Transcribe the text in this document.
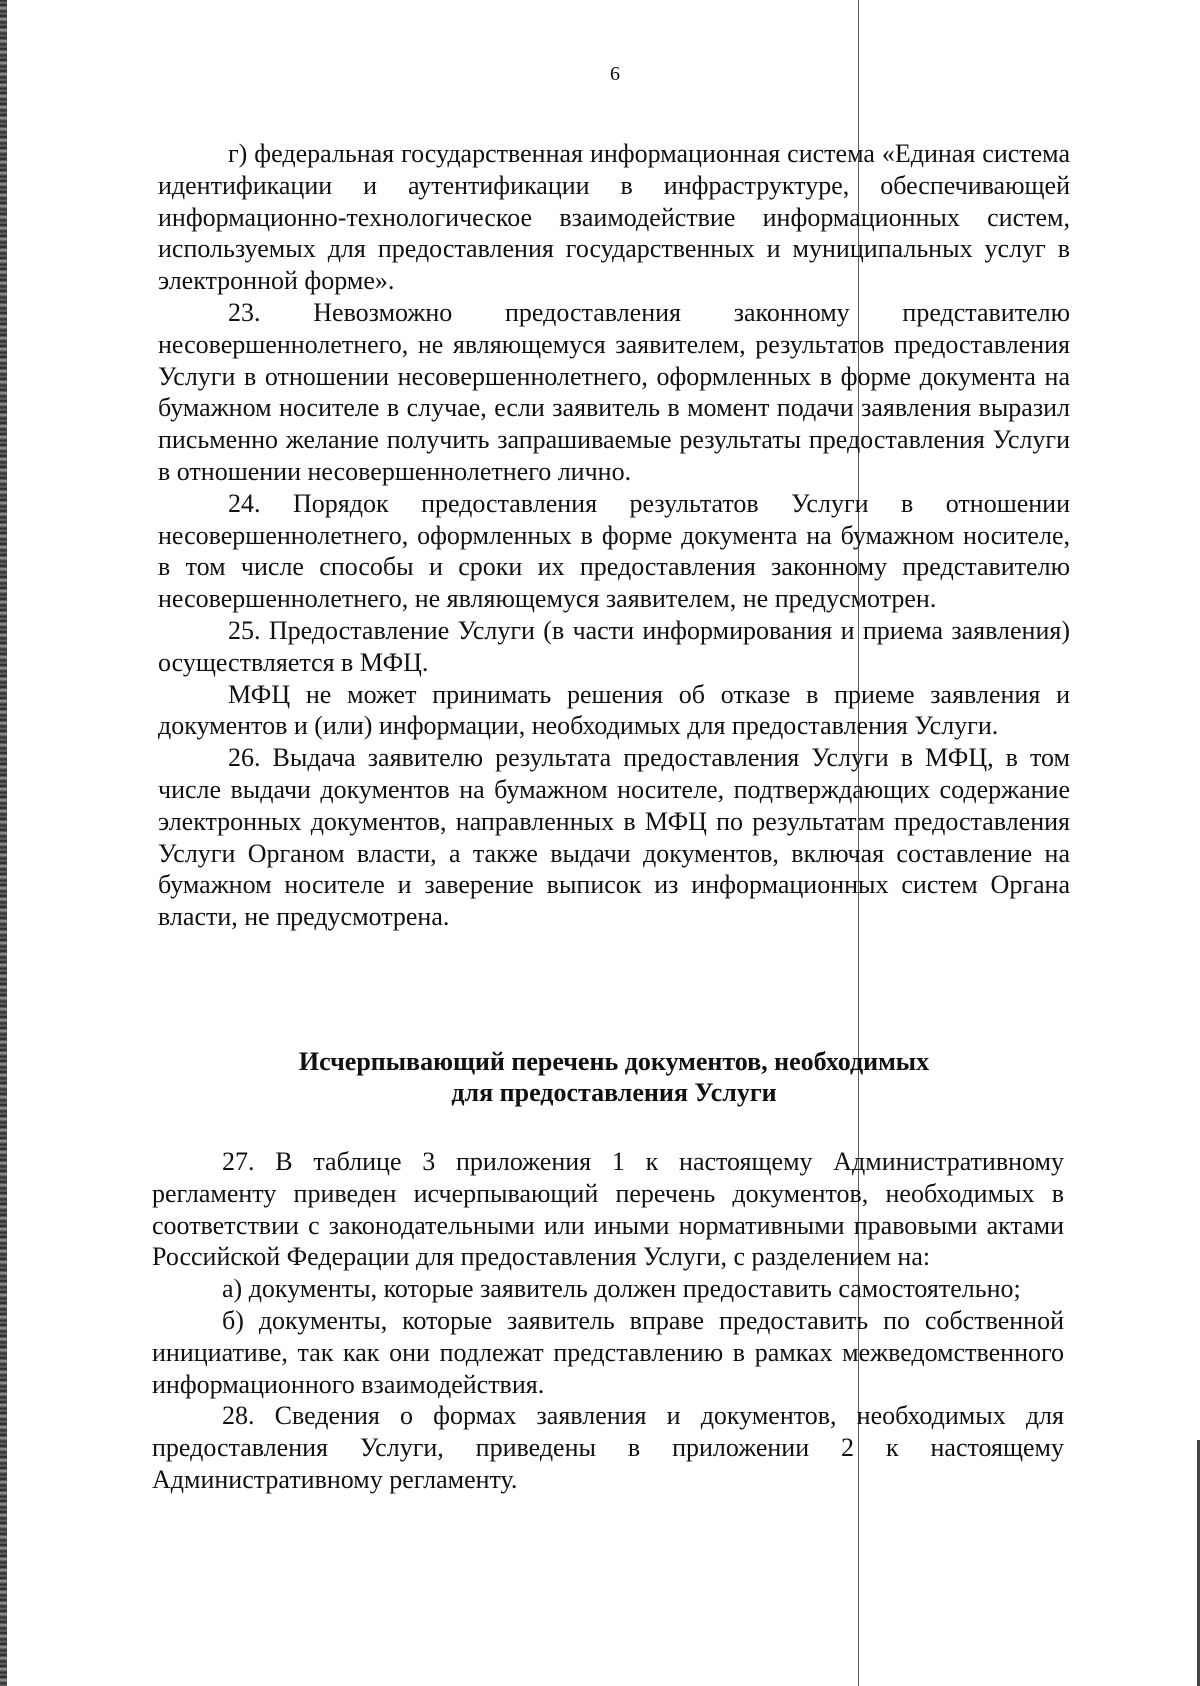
6

г) федеральная государственная информационная система «Единая система идентификации и аутентификации в инфраструктуре, обеспечивающей информационно-технологическое взаимодействие информационных систем, используемых для предоставления государственных и муниципальных услуг в электронной форме».

23. Невозможно предоставления законному представителю несовершеннолетнего, не являющемуся заявителем, результатов предоставления Услуги в отношении несовершеннолетнего, оформленных в форме документа на бумажном носителе в случае, если заявитель в момент подачи заявления выразил письменно желание получить запрашиваемые результаты предоставления Услуги в отношении несовершеннолетнего лично.

24. Порядок предоставления результатов Услуги в отношении несовершеннолетнего, оформленных в форме документа на бумажном носителе, в том числе способы и сроки их предоставления законному представителю несовершеннолетнего, не являющемуся заявителем, не предусмотрен.

25. Предоставление Услуги (в части информирования и приема заявления) осуществляется в МФЦ.

МФЦ не может принимать решения об отказе в приеме заявления и документов и (или) информации, необходимых для предоставления Услуги.

26. Выдача заявителю результата предоставления Услуги в МФЦ, в том числе выдачи документов на бумажном носителе, подтверждающих содержание электронных документов, направленных в МФЦ по результатам предоставления Услуги Органом власти, а также выдачи документов, включая составление на бумажном носителе и заверение выписок из информационных систем Органа власти, не предусмотрена.

Исчерпывающий перечень документов, необходимых
для предоставления Услуги

27. В таблице 3 приложения 1 к настоящему Административному регламенту приведен исчерпывающий перечень документов, необходимых в соответствии с законодательными или иными нормативными правовыми актами Российской Федерации для предоставления Услуги, с разделением на:

а) документы, которые заявитель должен предоставить самостоятельно;

б) документы, которые заявитель вправе предоставить по собственной инициативе, так как они подлежат представлению в рамках межведомственного информационного взаимодействия.

28. Сведения о формах заявления и документов, необходимых для предоставления Услуги, приведены в приложении 2 к настоящему Административному регламенту.
